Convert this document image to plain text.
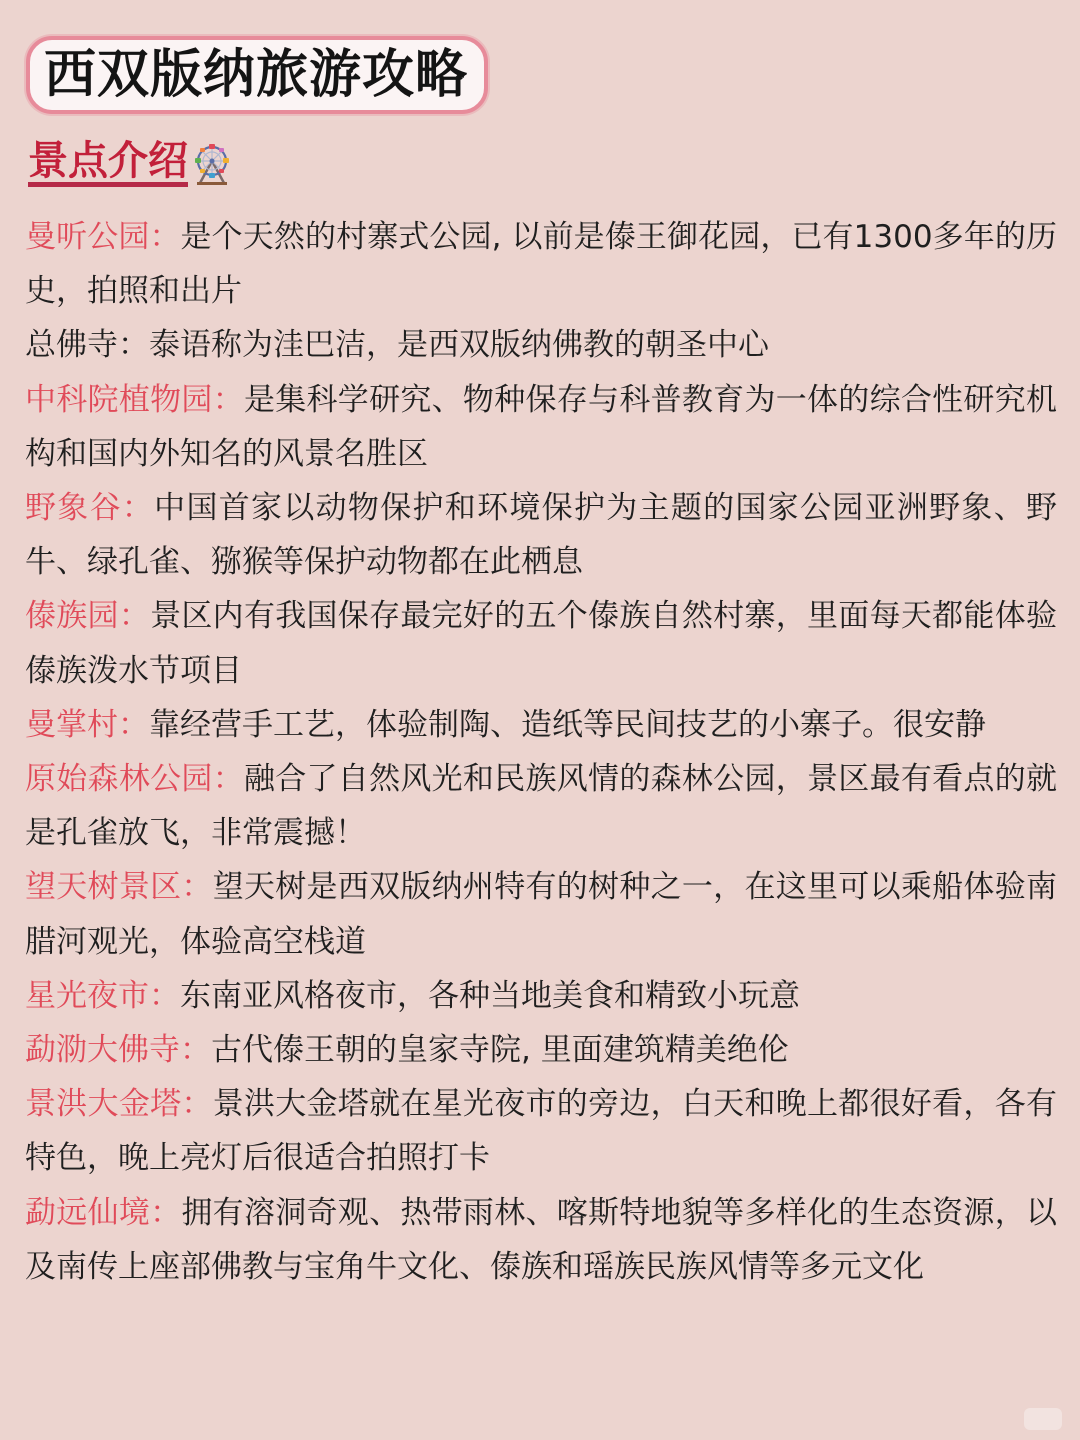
西双版纳旅游攻略
景点介绍

曼听公园：是个天然的村寨式公园, 以前是傣王御花园，已有1300多年的历史，拍照和出片

总佛寺：泰语称为洼巴洁，是西双版纳佛教的朝圣中心

中科院植物园：是集科学研究、物种保存与科普教育为一体的综合性研究机构和国内外知名的风景名胜区

野象谷：中国首家以动物保护和环境保护为主题的国家公园亚洲野象、野牛、绿孔雀、猕猴等保护动物都在此栖息

傣族园：景区内有我国保存最完好的五个傣族自然村寨，里面每天都能体验傣族泼水节项目

曼掌村：靠经营手工艺，体验制陶、造纸等民间技艺的小寨子。很安静

原始森林公园：融合了自然风光和民族风情的森林公园，景区最有看点的就是孔雀放飞，非常震撼！

望天树景区：望天树是西双版纳州特有的树种之一，在这里可以乘船体验南腊河观光，体验高空栈道

星光夜市：东南亚风格夜市，各种当地美食和精致小玩意

勐泐大佛寺：古代傣王朝的皇家寺院, 里面建筑精美绝伦

景洪大金塔：景洪大金塔就在星光夜市的旁边，白天和晚上都很好看，各有特色，晚上亮灯后很适合拍照打卡

勐远仙境：拥有溶洞奇观、热带雨林、喀斯特地貌等多样化的生态资源，以及南传上座部佛教与宝角牛文化、傣族和瑶族民族风情等多元文化
